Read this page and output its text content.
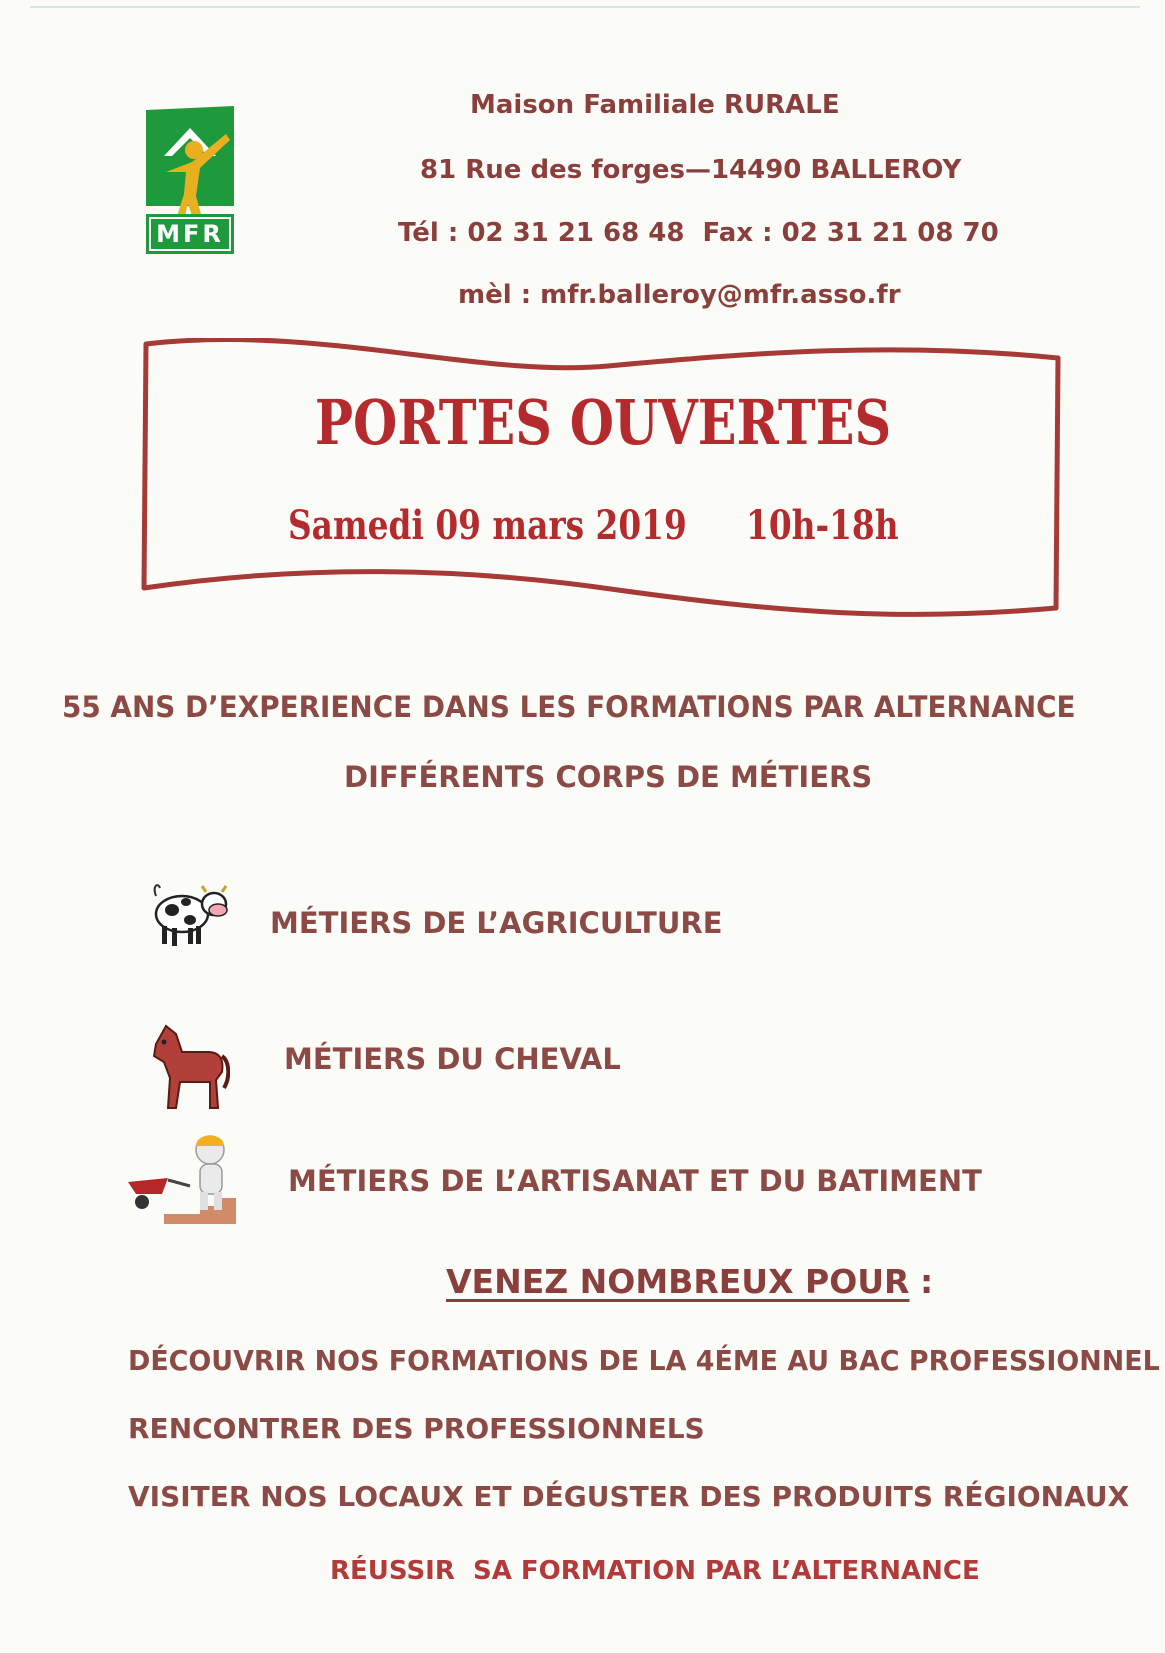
MFR

Maison Familiale RURALE

81 Rue des forges—14490 BALLEROY

Tél : 02 31 21 68 48  Fax : 02 31 21 08 70

mèl : mfr.balleroy@mfr.asso.fr

PORTES OUVERTES

Samedi 09 mars 2019 10h-18h

55 ANS D’EXPERIENCE DANS LES FORMATIONS PAR ALTERNANCE

DIFFÉRENTS CORPS DE MÉTIERS

MÉTIERS DE L’AGRICULTURE

MÉTIERS DU CHEVAL

MÉTIERS DE L’ARTISANAT ET DU BATIMENT

VENEZ NOMBREUX POUR :

DÉCOUVRIR NOS FORMATIONS DE LA 4ÉME AU BAC PROFESSIONNEL

RENCONTRER DES PROFESSIONNELS

VISITER NOS LOCAUX ET DÉGUSTER DES PRODUITS RÉGIONAUX

RÉUSSIR  SA FORMATION PAR L’ALTERNANCE
